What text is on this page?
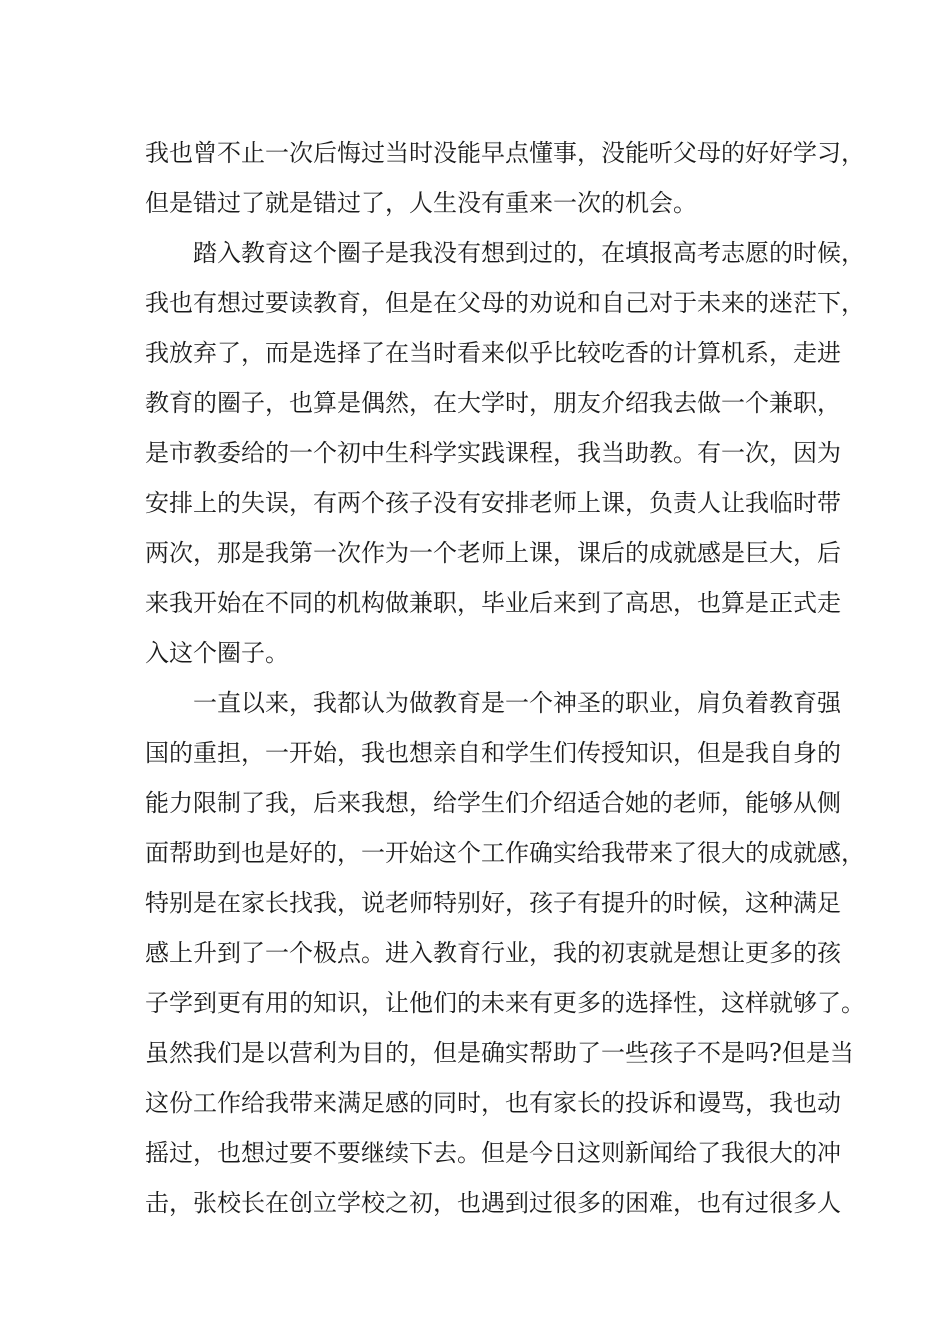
我也曾不止一次后悔过当时没能早点懂事，没能听父母的好好学习，
但是错过了就是错过了，人生没有重来一次的机会。
踏入教育这个圈子是我没有想到过的，在填报高考志愿的时候，
我也有想过要读教育，但是在父母的劝说和自己对于未来的迷茫下，
我放弃了，而是选择了在当时看来似乎比较吃香的计算机系，走进
教育的圈子，也算是偶然，在大学时，朋友介绍我去做一个兼职，
是市教委给的一个初中生科学实践课程，我当助教。有一次，因为
安排上的失误，有两个孩子没有安排老师上课，负责人让我临时带
两次，那是我第一次作为一个老师上课，课后的成就感是巨大，后
来我开始在不同的机构做兼职，毕业后来到了高思，也算是正式走
入这个圈子。
一直以来，我都认为做教育是一个神圣的职业，肩负着教育强
国的重担，一开始，我也想亲自和学生们传授知识，但是我自身的
能力限制了我，后来我想，给学生们介绍适合她的老师，能够从侧
面帮助到也是好的，一开始这个工作确实给我带来了很大的成就感，
特别是在家长找我，说老师特别好，孩子有提升的时候，这种满足
感上升到了一个极点。进入教育行业，我的初衷就是想让更多的孩
子学到更有用的知识，让他们的未来有更多的选择性，这样就够了。
虽然我们是以营利为目的，但是确实帮助了一些孩子不是吗?但是当
这份工作给我带来满足感的同时，也有家长的投诉和谩骂，我也动
摇过，也想过要不要继续下去。但是今日这则新闻给了我很大的冲
击，张校长在创立学校之初，也遇到过很多的困难，也有过很多人
